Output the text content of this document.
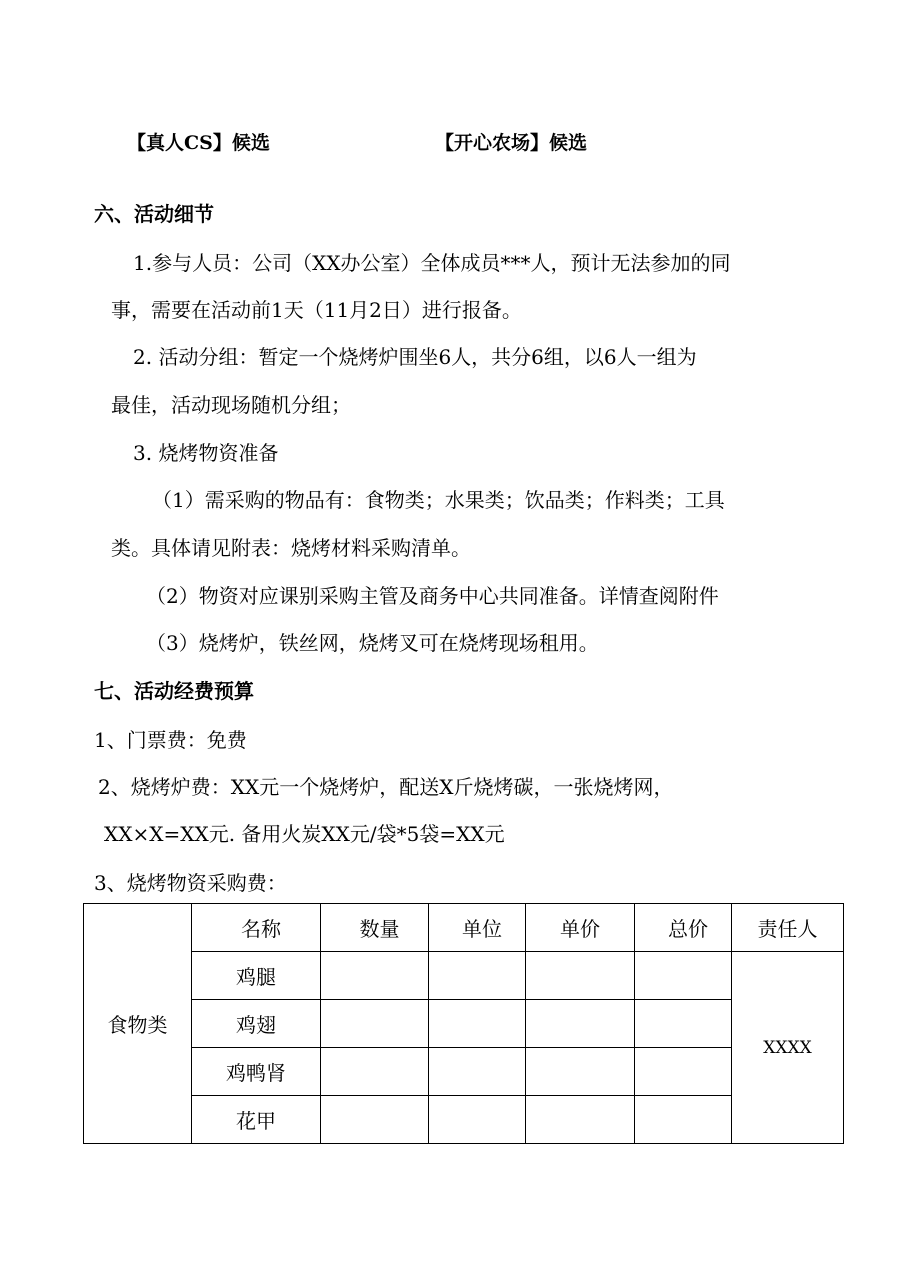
【真人CS】候选	【开心农场】候选
六、活动细节
1.参与人员：公司（XX办公室）全体成员***人，预计无法参加的同
事，需要在活动前1天（11月2日）进行报备。
2. 活动分组：暂定一个烧烤炉围坐6人，共分6组，以6人一组为
最佳，活动现场随机分组；
3. 烧烤物资准备
（1）需采购的物品有：食物类；水果类；饮品类；作料类；工具
类。具体请见附表：烧烤材料采购清单。
（2）物资对应课别采购主管及商务中心共同准备。详情查阅附件
（3）烧烤炉，铁丝网，烧烤叉可在烧烤现场租用。
七、活动经费预算
1、门票费：免费
2、烧烤炉费：XX元一个烧烤炉，配送X斤烧烤碳，一张烧烤网，
XX×X=XX元. 备用火炭XX元/袋*5袋=XX元
3、烧烤物资采购费：
食物类	名称	数量	单位	单价	总价	责任人
	鸡腿					XXXX
	鸡翅					
	鸡鸭肾					
	花甲					
